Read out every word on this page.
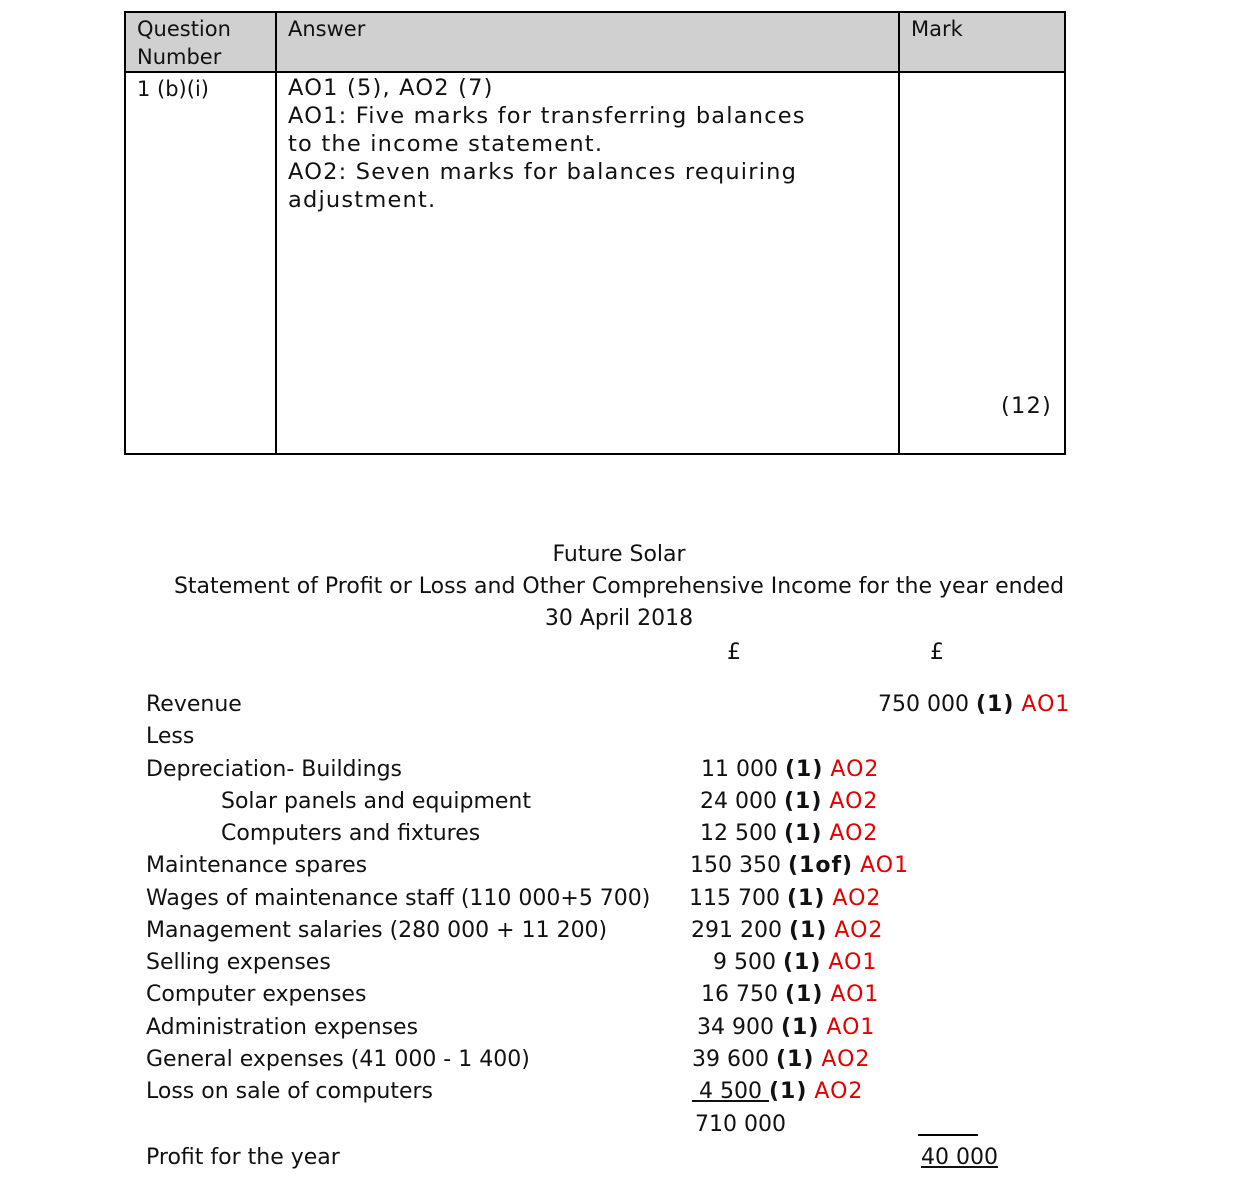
Question Number	Answer	Mark
1 (b)(i)	AO1 (5), AO2 (7)
AO1: Five marks for transferring balances
to the income statement.
AO2: Seven marks for balances requiring
adjustment.	(12)
Future Solar
Statement of Profit or Loss and Other Comprehensive Income for the year ended
30 April 2018
£	£
Revenue	750 000 (1) AO1
Less
Depreciation- Buildings	11 000 (1) AO2
Solar panels and equipment	24 000 (1) AO2
Computers and fixtures	12 500 (1) AO2
Maintenance spares	150 350 (1of) AO1
Wages of maintenance staff (110 000+5 700) 115 700 (1) AO2
Management salaries (280 000 + 11 200)	291 200 (1) AO2
Selling expenses	9 500 (1) AO1
Computer expenses	16 750 (1) AO1
Administration expenses	34 900 (1) AO1
General expenses (41 000 - 1 400)	39 600 (1) AO2
Loss on sale of computers	4 500 (1) AO2
710 000
Profit for the year	40 000
